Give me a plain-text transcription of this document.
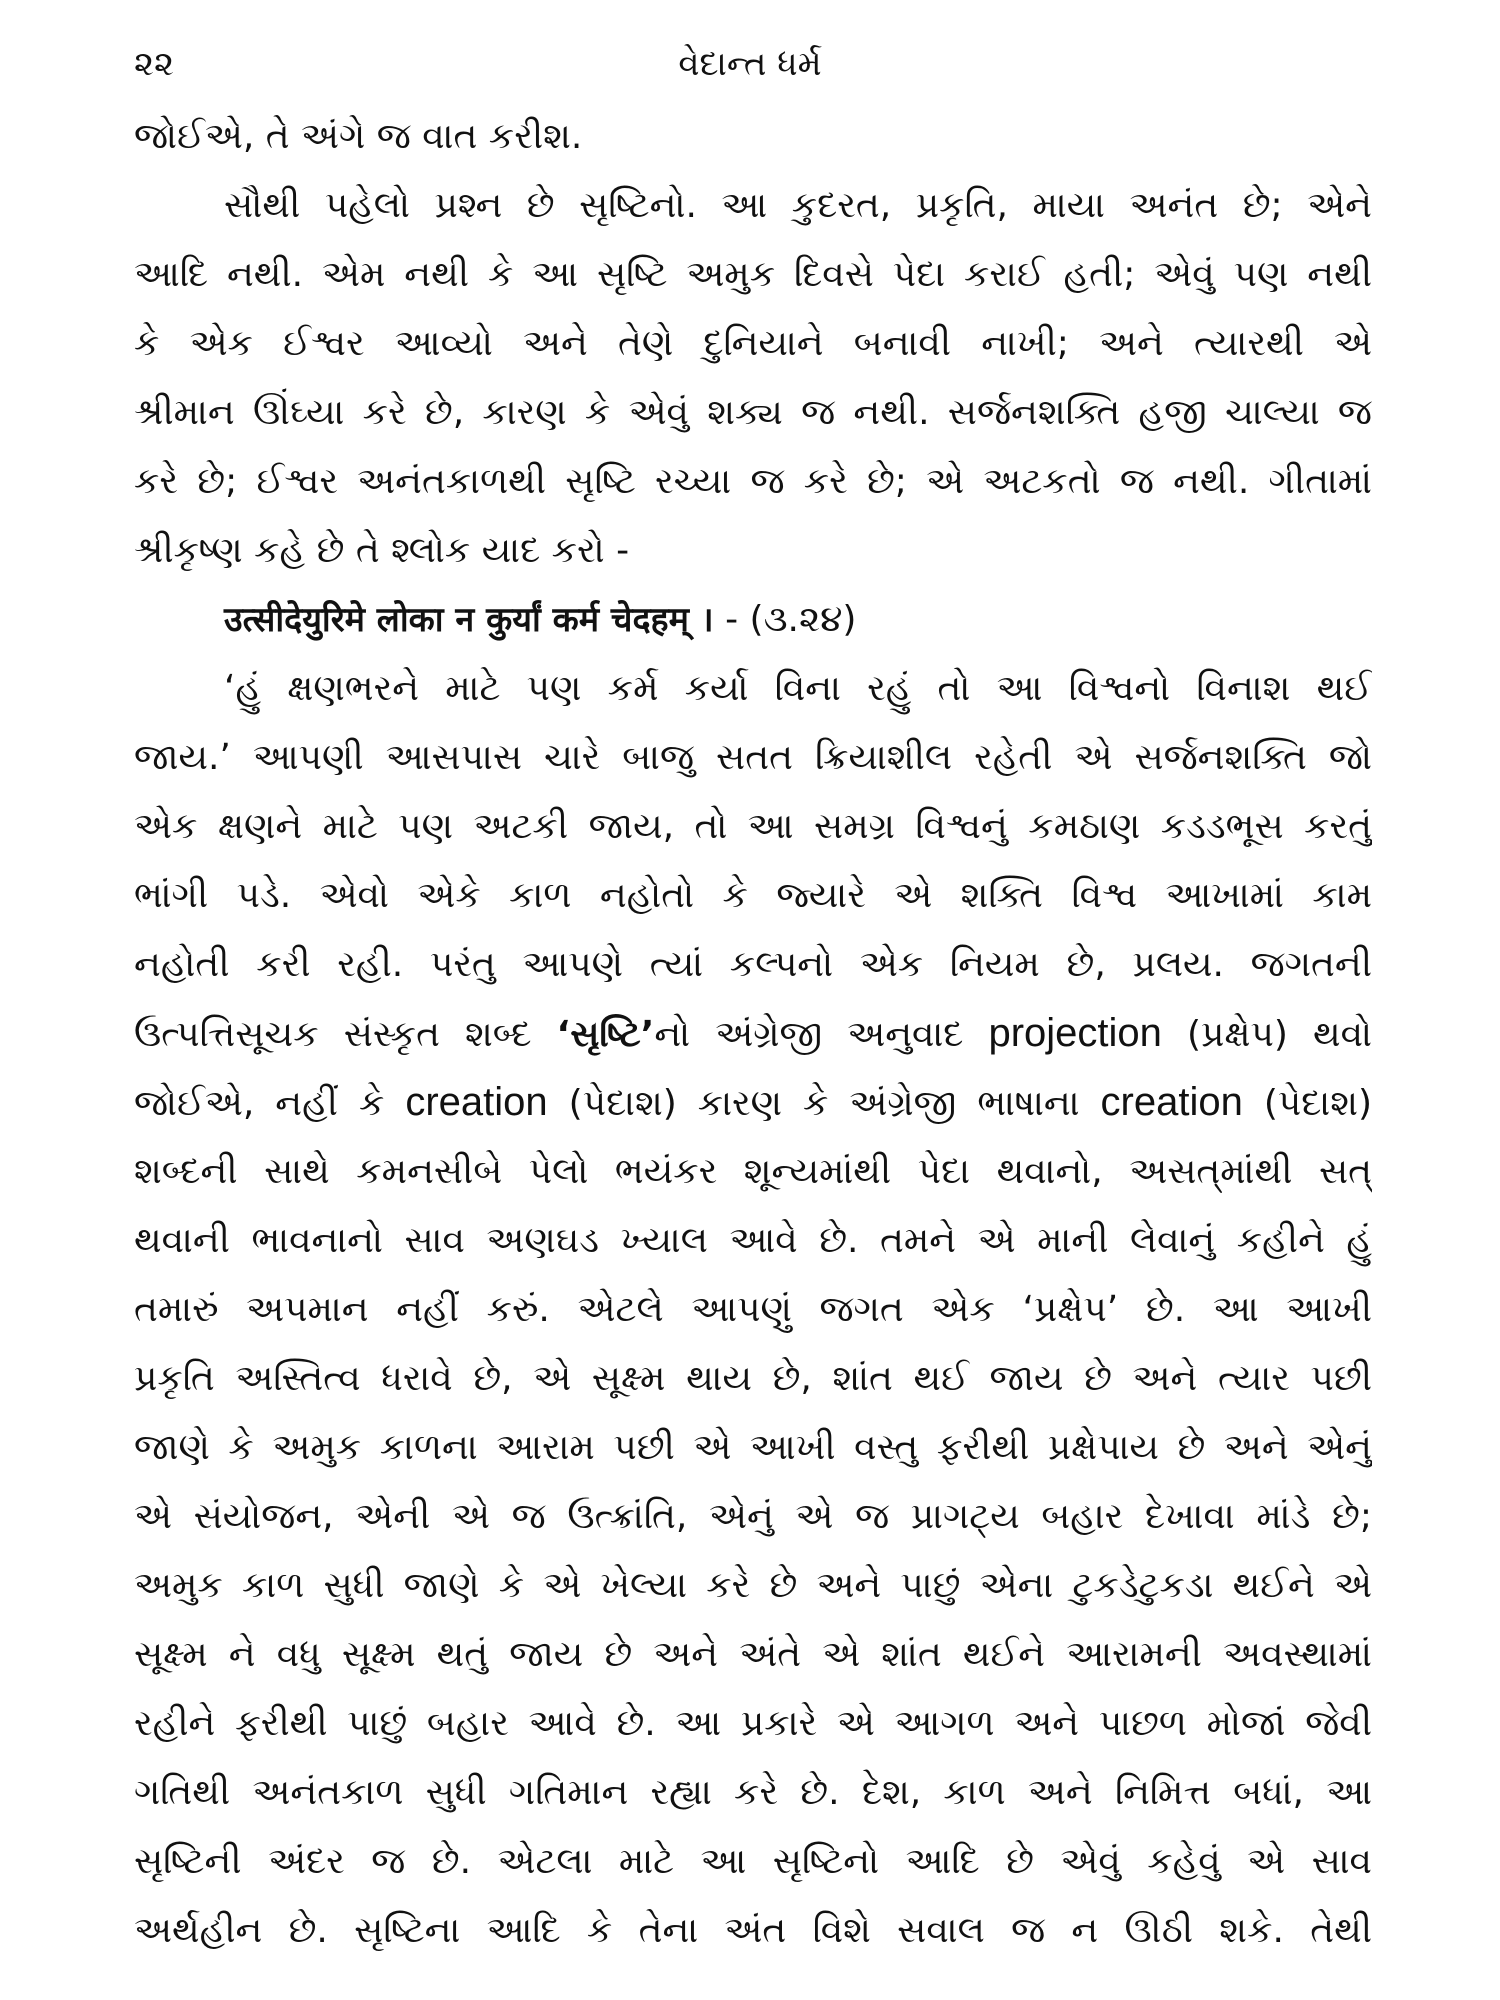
૨૨	વેદાન્ત ધર્મ
જોઈએ, તે અંગે જ વાત કરીશ.
સૌથી પહેલો પ્રશ્ન છે સૃષ્ટિનો. આ કુદરત, પ્રકૃતિ, માયા અનંત છે; એને
આદિ નથી. એમ નથી કે આ સૃષ્ટિ અમુક દિવસે પેદા કરાઈ હતી; એવું પણ નથી
કે એક ઈશ્વર આવ્યો અને તેણે દુનિયાને બનાવી નાખી; અને ત્યારથી એ
શ્રીમાન ઊંઘ્યા કરે છે, કારણ કે એવું શક્ય જ નથી. સર્જનશક્તિ હજી ચાલ્યા જ
કરે છે; ઈશ્વર અનંતકાળથી સૃષ્ટિ રચ્યા જ કરે છે; એ અટકતો જ નથી. ગીતામાં
શ્રીકૃષ્ણ કહે છે તે શ્લોક યાદ કરો -
उत्सीदेयुरिमे लोका न कुर्यां कर्म चेदहम् । - (૩.૨૪)
‘હું ક્ષણભરને માટે પણ કર્મ કર્યા વિના રહું તો આ વિશ્વનો વિનાશ થઈ
જાય.’ આપણી આસપાસ ચારે બાજુ સતત ક્રિયાશીલ રહેતી એ સર્જનશક્તિ જો
એક ક્ષણને માટે પણ અટકી જાય, તો આ સમગ્ર વિશ્વનું કમઠાણ કડડભૂસ કરતું
ભાંગી પડે. એવો એકે કાળ નહોતો કે જ્યારે એ શક્તિ વિશ્વ આખામાં કામ
નહોતી કરી રહી. પરંતુ આપણે ત્યાં કલ્પનો એક નિયમ છે, પ્રલય. જગતની
ઉત્પત્તિસૂચક સંસ્કૃત શબ્દ ‘સૃષ્ટિ’નો અંગ્રેજી અનુવાદ projection (પ્રક્ષેપ) થવો
જોઈએ, નહીં કે creation (પેદાશ) કારણ કે અંગ્રેજી ભાષાના creation (પેદાશ)
શબ્દની સાથે કમનસીબે પેલો ભયંકર શૂન્યમાંથી પેદા થવાનો, અસત્‌માંથી સત્‌
થવાની ભાવનાનો સાવ અણઘડ ખ્યાલ આવે છે. તમને એ માની લેવાનું કહીને હું
તમારું અપમાન નહીં કરું. એટલે આપણું જગત એક ‘પ્રક્ષેપ’ છે. આ આખી
પ્રકૃતિ અસ્તિત્વ ધરાવે છે, એ સૂક્ષ્મ થાય છે, શાંત થઈ જાય છે અને ત્યાર પછી
જાણે કે અમુક કાળના આરામ પછી એ આખી વસ્તુ ફરીથી પ્રક્ષેપાય છે અને એનું
એ સંયોજન, એની એ જ ઉત્ક્રાંતિ, એનું એ જ પ્રાગટ્ય બહાર દેખાવા માંડે છે;
અમુક કાળ સુધી જાણે કે એ ખેલ્યા કરે છે અને પાછું એના ટુકડેટુકડા થઈને એ
સૂક્ષ્મ ને વધુ સૂક્ષ્મ થતું જાય છે અને અંતે એ શાંત થઈને આરામની અવસ્થામાં
રહીને ફરીથી પાછું બહાર આવે છે. આ પ્રકારે એ આગળ અને પાછળ મોજાં જેવી
ગતિથી અનંતકાળ સુધી ગતિમાન રહ્યા કરે છે. દેશ, કાળ અને નિમિત્ત બધાં, આ
સૃષ્ટિની અંદર જ છે. એટલા માટે આ સૃષ્ટિનો આદિ છે એવું કહેવું એ સાવ
અર્થહીન છે. સૃષ્ટિના આદિ કે તેના અંત વિશે સવાલ જ ન ઊઠી શકે. તેથી
